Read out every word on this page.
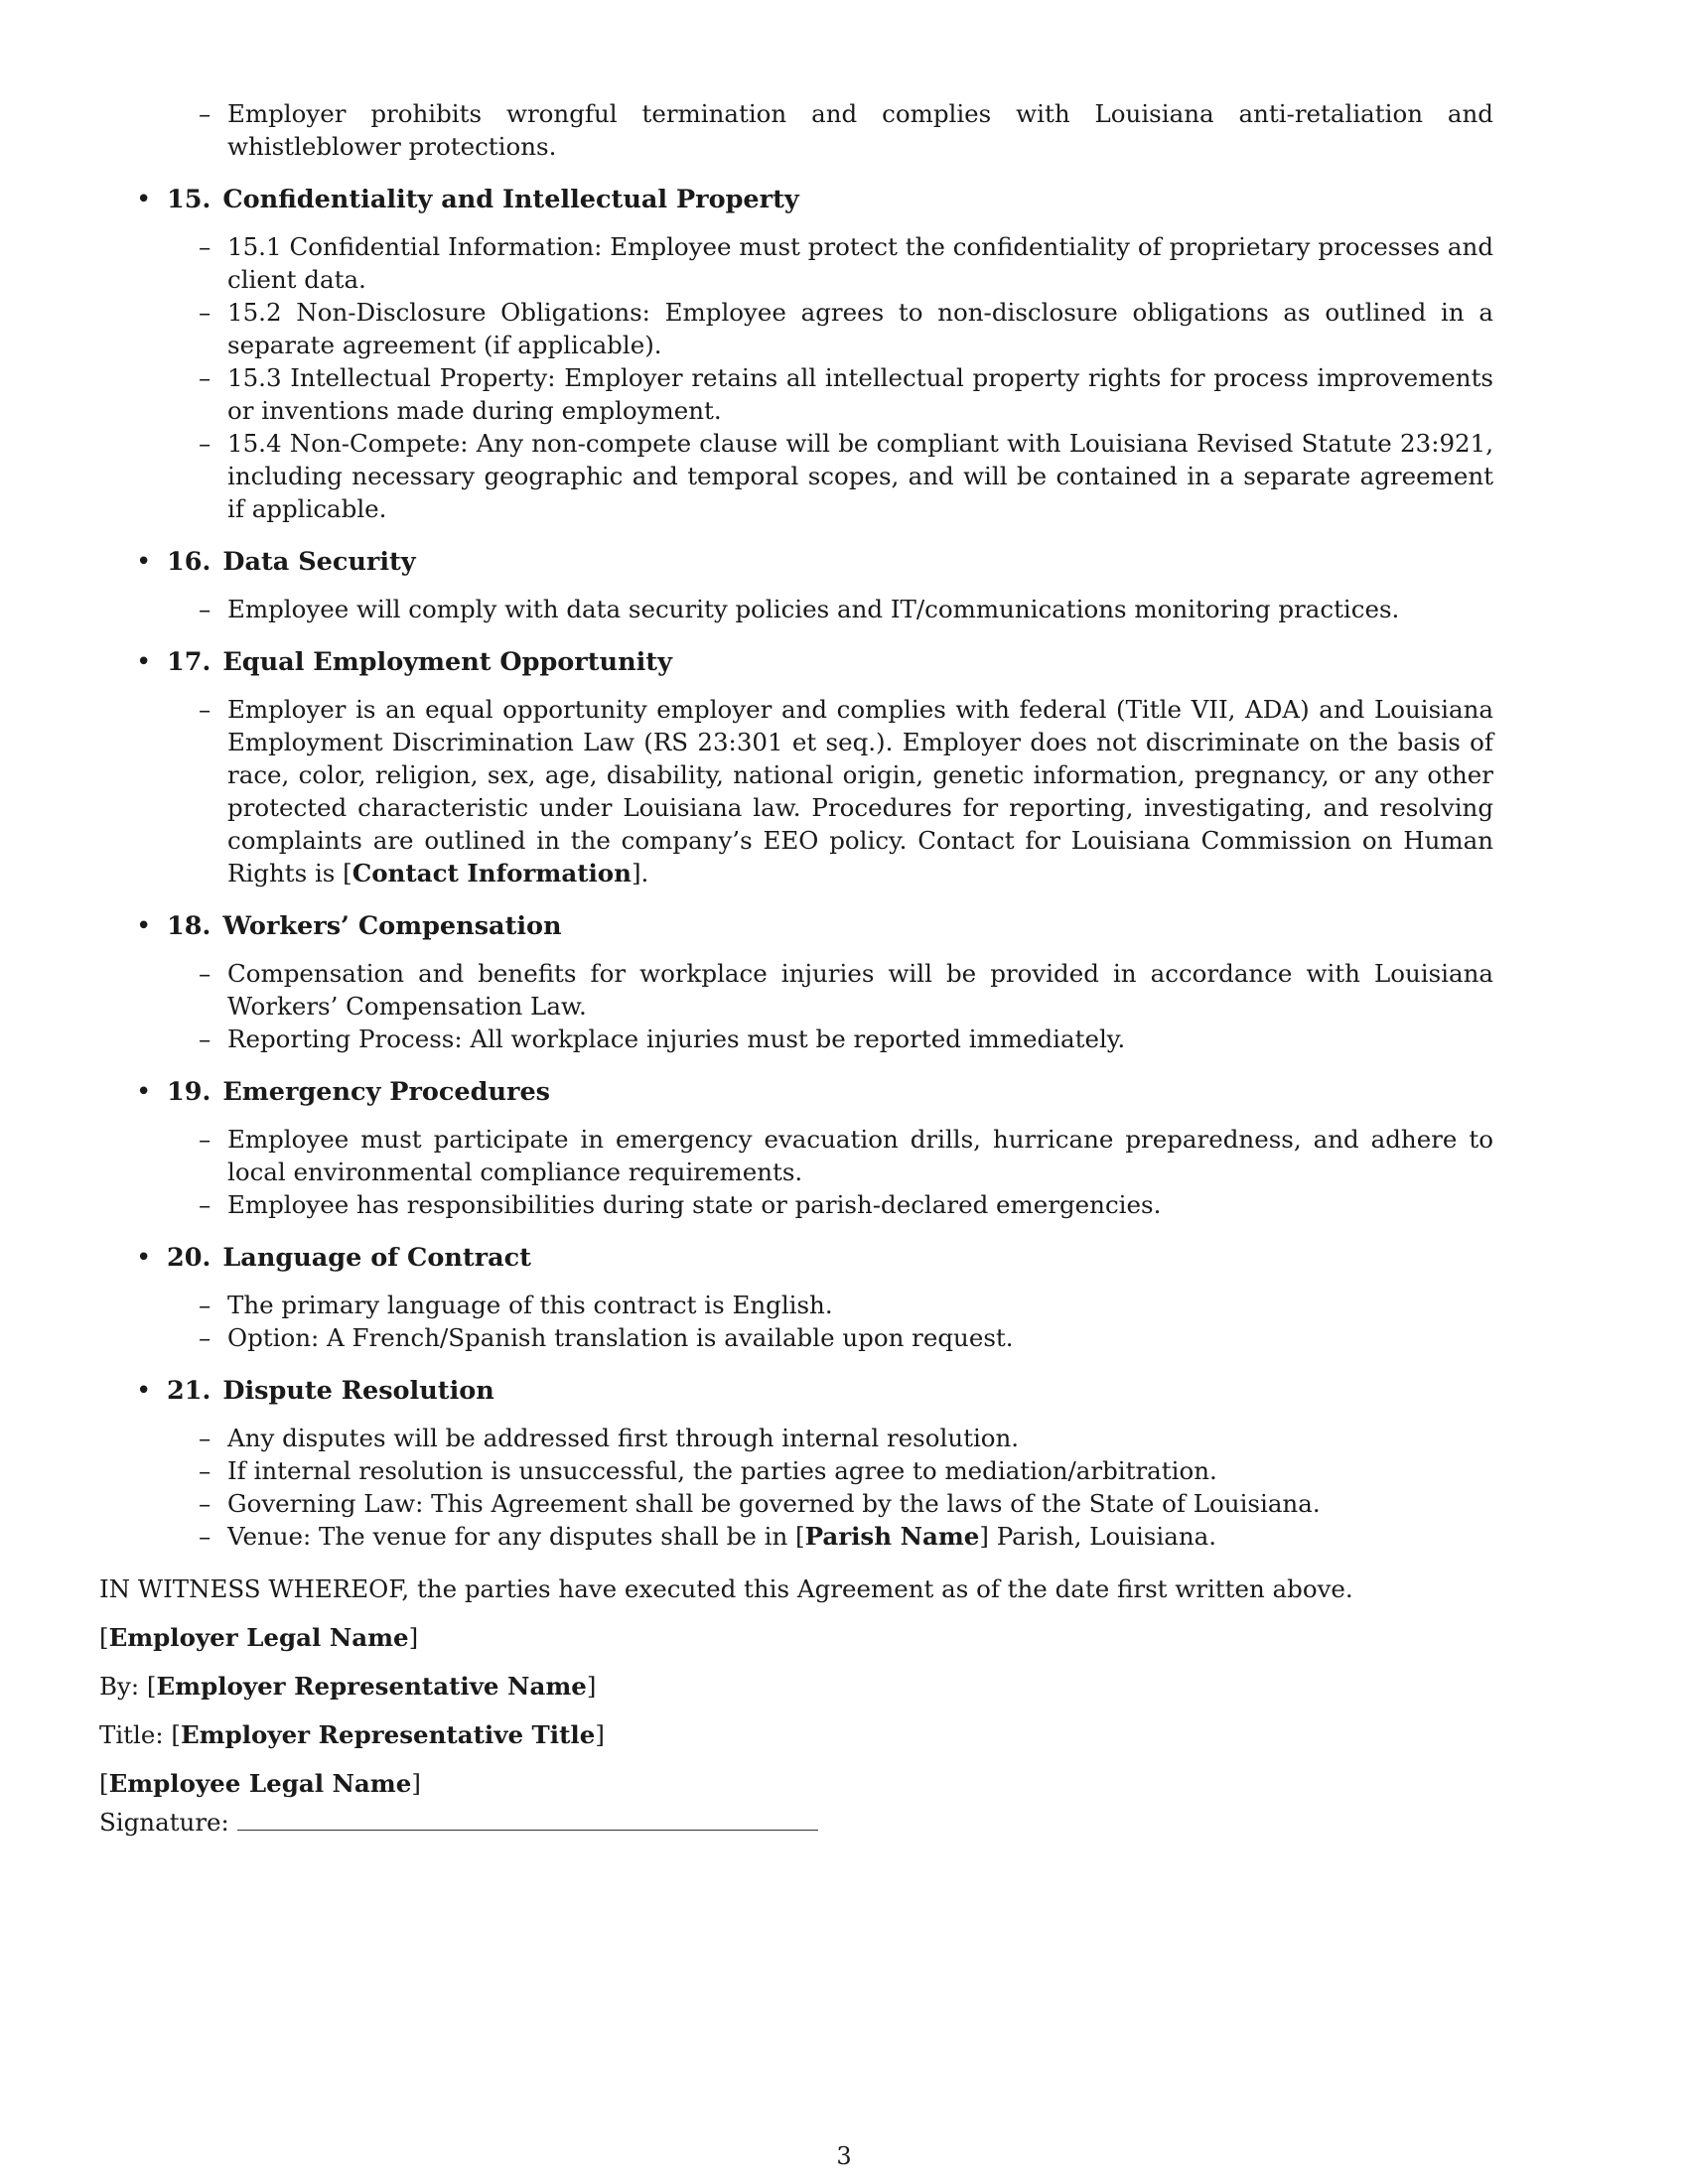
– Employer prohibits wrongful termination and complies with Louisiana anti-retaliation and whistleblower protections.
• 15. Confidentiality and Intellectual Property
– 15.1 Confidential Information: Employee must protect the confidentiality of proprietary processes and client data.
– 15.2 Non-Disclosure Obligations: Employee agrees to non-disclosure obligations as outlined in a separate agreement (if applicable).
– 15.3 Intellectual Property: Employer retains all intellectual property rights for process improvements or inventions made during employment.
– 15.4 Non-Compete: Any non-compete clause will be compliant with Louisiana Revised Statute 23:921, including necessary geographic and temporal scopes, and will be contained in a separate agreement if applicable.
• 16. Data Security
– Employee will comply with data security policies and IT/communications monitoring practices.
• 17. Equal Employment Opportunity
– Employer is an equal opportunity employer and complies with federal (Title VII, ADA) and Louisiana Employment Discrimination Law (RS 23:301 et seq.). Employer does not discriminate on the basis of race, color, religion, sex, age, disability, national origin, genetic information, pregnancy, or any other protected characteristic under Louisiana law. Procedures for reporting, investigating, and resolving complaints are outlined in the company’s EEO policy. Contact for Louisiana Commission on Human Rights is [Contact Information].
• 18. Workers’ Compensation
– Compensation and benefits for workplace injuries will be provided in accordance with Louisiana Workers’ Compensation Law.
– Reporting Process: All workplace injuries must be reported immediately.
• 19. Emergency Procedures
– Employee must participate in emergency evacuation drills, hurricane preparedness, and adhere to local environmental compliance requirements.
– Employee has responsibilities during state or parish-declared emergencies.
• 20. Language of Contract
– The primary language of this contract is English.
– Option: A French/Spanish translation is available upon request.
• 21. Dispute Resolution
– Any disputes will be addressed first through internal resolution.
– If internal resolution is unsuccessful, the parties agree to mediation/arbitration.
– Governing Law: This Agreement shall be governed by the laws of the State of Louisiana.
– Venue: The venue for any disputes shall be in [Parish Name] Parish, Louisiana.

IN WITNESS WHEREOF, the parties have executed this Agreement as of the date first written above.

[Employer Legal Name]

By: [Employer Representative Name]

Title: [Employer Representative Title]

[Employee Legal Name]

Signature:

3
